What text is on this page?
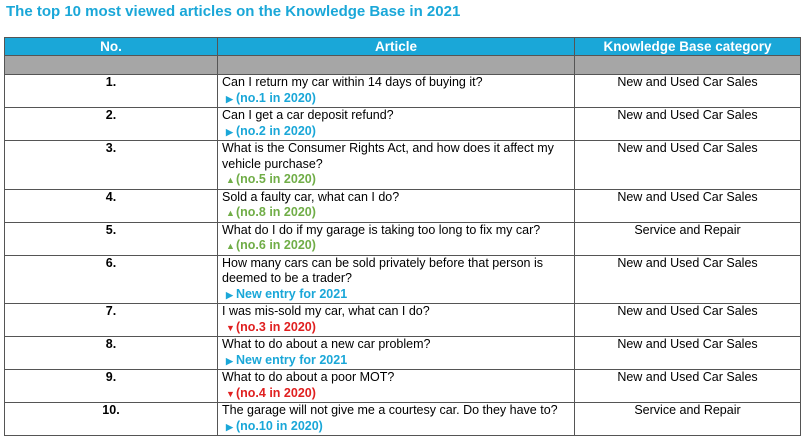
The top 10 most viewed articles on the Knowledge Base in 2021
No.	Article	Knowledge Base category

1.	Can I return my car within 14 days of buying it?
▶ (no.1 in 2020)	New and Used Car Sales
2.	Can I get a car deposit refund?
▶ (no.2 in 2020)	New and Used Car Sales
3.	What is the Consumer Rights Act, and how does it affect my vehicle purchase?
▲(no.5 in 2020)	New and Used Car Sales
4.	Sold a faulty car, what can I do?
▲(no.8 in 2020)	New and Used Car Sales
5.	What do I do if my garage is taking too long to fix my car?
▲(no.6 in 2020)	Service and Repair
6.	How many cars can be sold privately before that person is deemed to be a trader?
▶ New entry for 2021	New and Used Car Sales
7.	I was mis-sold my car, what can I do?
▼(no.3 in 2020)	New and Used Car Sales
8.	What to do about a new car problem?
▶ New entry for 2021	New and Used Car Sales
9.	What to do about a poor MOT?
▼(no.4 in 2020)	New and Used Car Sales
10.	The garage will not give me a courtesy car. Do they have to?
▶ (no.10 in 2020)	Service and Repair
